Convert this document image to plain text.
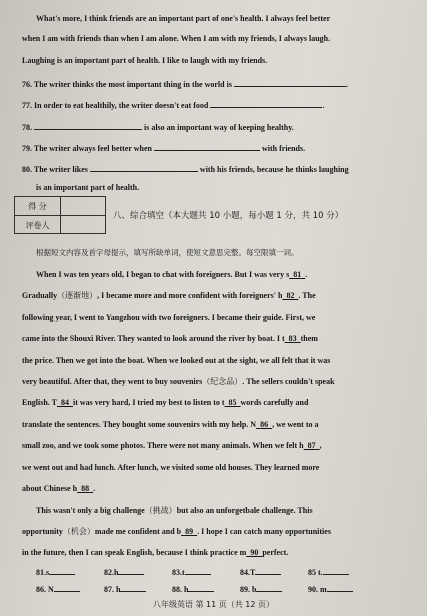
What's more, I think friends are an important part of one's health. I always feel better
when I am with friends than when I am alone. When I am with my friends, I always laugh.
Laughing is an important part of health. I like to laugh with my friends.
76. The writer thinks the most important thing in the world is	.
77. In order to eat healthily, the writer doesn't eat food	.
78.	is also an important way of keeping healthy.
79. The writer always feel better when	with friends.
80. The writer likes	with his friends, because he thinks laughing
is an important part of health.
得 分
评卷人
八、综合填空（本大题共 10 小题，每小题 1 分，共 10 分）
根据短文内容及首字母提示，填写所缺单词，使短文意思完整。每空限填一词。
When I was ten years old, I began to chat with foreigners. But I was very s 81 .
Gradually（逐渐地）, I became more and more confident with foreigners' h 82 . The
following year, I went to Yangzhou with two foreigners. I became their guide. First, we
came into the Shouxi River. They wanted to look around the river by boat. I t 83 them
the price. Then we got into the boat. When we looked out at the sight, we all felt that it was
very beautiful. After that, they went to buy souvenirs（纪念品）. The sellers couldn't speak
English. T 84 it was very hard, I tried my best to listen to t 85 words carefully and
translate the sentences. They bought some souvenirs with my help. N 86 , we went to a
small zoo, and we took some photos. There were not many animals. When we felt h 87 ,
we went out and had lunch. After lunch, we visited some old houses. They learned more
about Chinese h 88 .
This wasn't only a big challenge（挑战）but also an unforgetbale challenge. This
opportunity（机会）made me confident and b 89 . I hope I can catch many opportunities
in the future, then I can speak English, because I think practice m 90 perfect.
81.s	82.h	83.t	84.T	85 t.
86. N	87. h	88. h	89. b	90. m
八年级英语 第 11 页（共 12 页）
